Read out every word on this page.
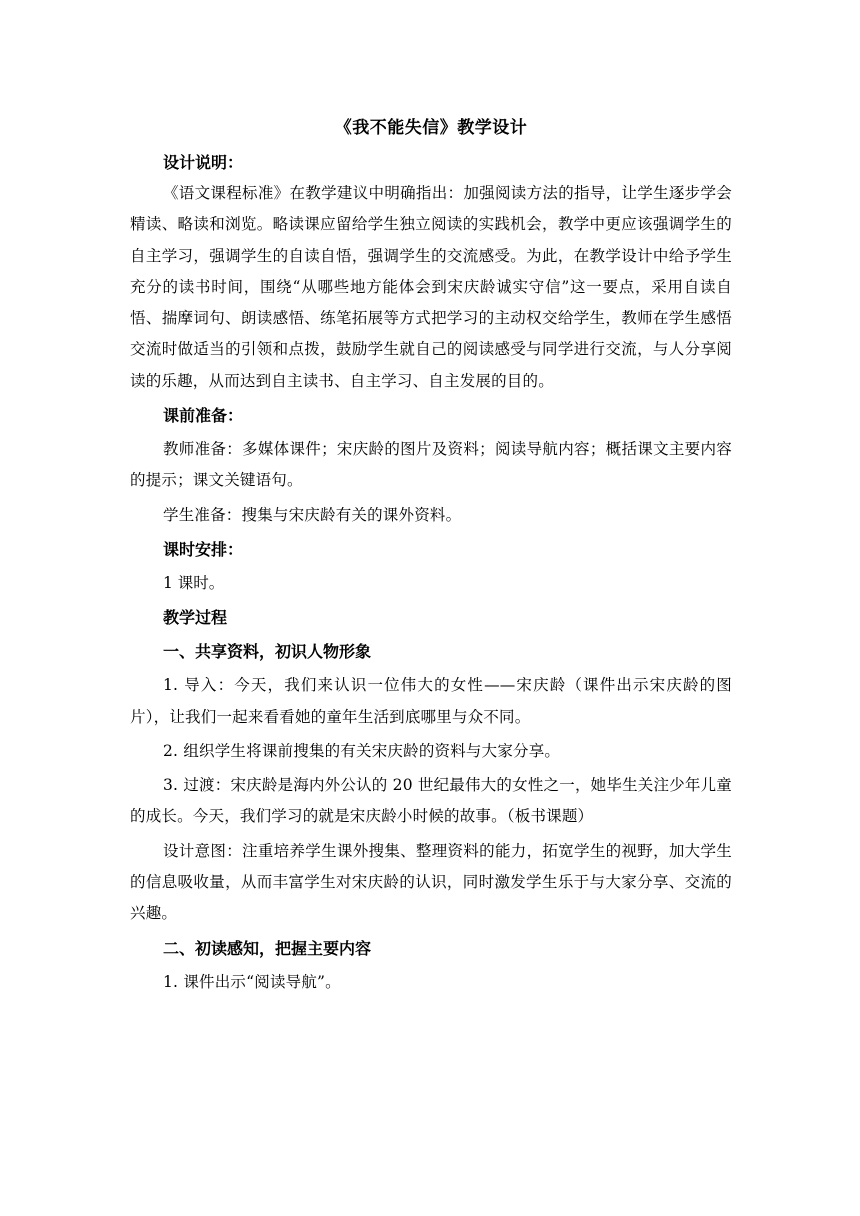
《我不能失信》教学设计

设计说明：

《语文课程标准》在教学建议中明确指出：加强阅读方法的指导，让学生逐步学会精读、略读和浏览。略读课应留给学生独立阅读的实践机会，教学中更应该强调学生的自主学习，强调学生的自读自悟，强调学生的交流感受。为此，在教学设计中给予学生充分的读书时间，围绕“从哪些地方能体会到宋庆龄诚实守信”这一要点，采用自读自悟、揣摩词句、朗读感悟、练笔拓展等方式把学习的主动权交给学生，教师在学生感悟交流时做适当的引领和点拨，鼓励学生就自己的阅读感受与同学进行交流，与人分享阅读的乐趣，从而达到自主读书、自主学习、自主发展的目的。

课前准备：

教师准备：多媒体课件；宋庆龄的图片及资料；阅读导航内容；概括课文主要内容的提示；课文关键语句。

学生准备：搜集与宋庆龄有关的课外资料。

课时安排：

1 课时。

教学过程

一、共享资料，初识人物形象

1. 导入：今天，我们来认识一位伟大的女性——宋庆龄（课件出示宋庆龄的图片），让我们一起来看看她的童年生活到底哪里与众不同。

2. 组织学生将课前搜集的有关宋庆龄的资料与大家分享。

3. 过渡：宋庆龄是海内外公认的 20 世纪最伟大的女性之一，她毕生关注少年儿童的成长。今天，我们学习的就是宋庆龄小时候的故事。（板书课题）

设计意图：注重培养学生课外搜集、整理资料的能力，拓宽学生的视野，加大学生的信息吸收量，从而丰富学生对宋庆龄的认识，同时激发学生乐于与大家分享、交流的兴趣。

二、初读感知，把握主要内容

1. 课件出示“阅读导航”。
